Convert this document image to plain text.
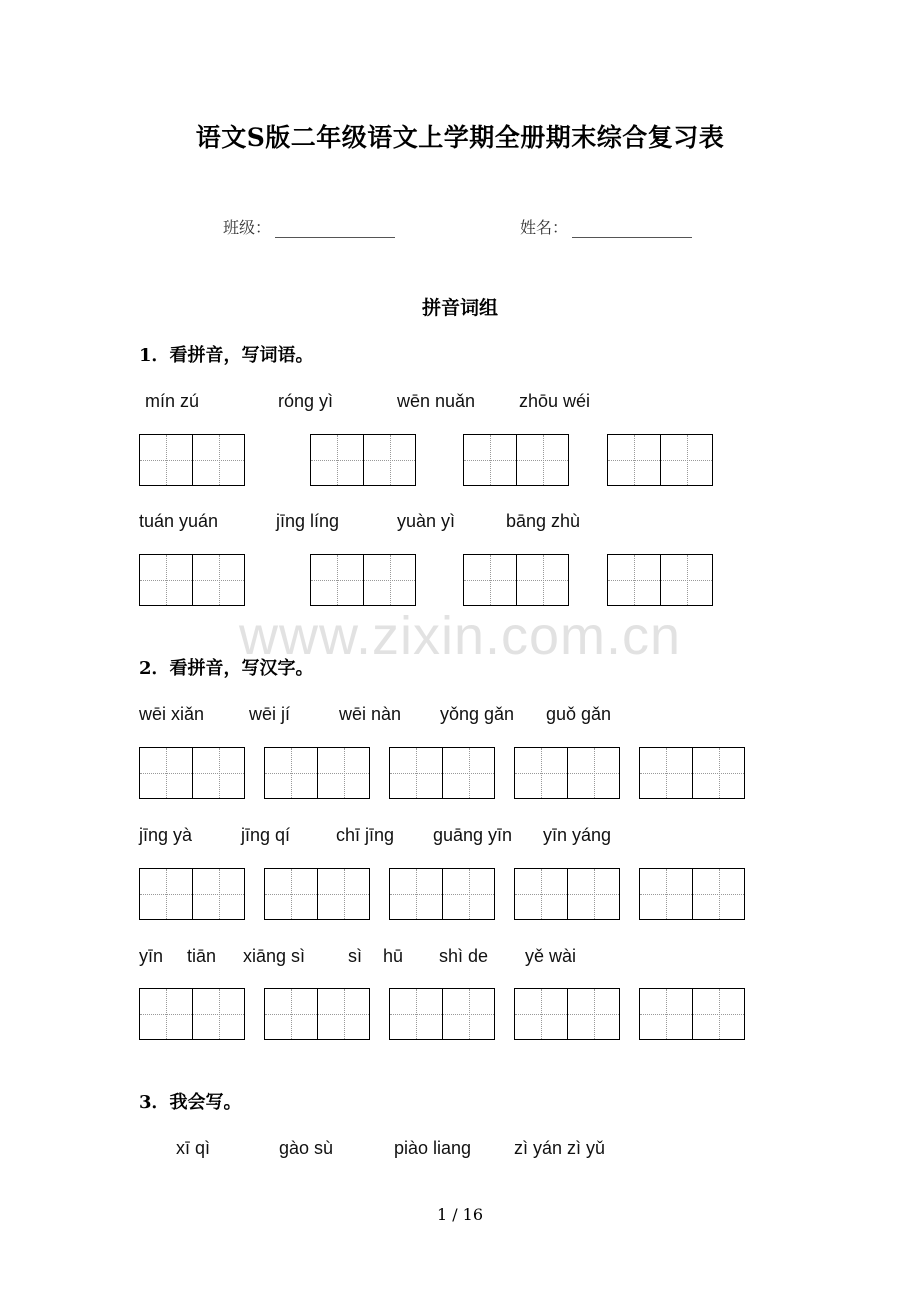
语文S版二年级语文上学期全册期末综合复习表
班级：	姓名：
拼音词组
1．看拼音，写词语。
mín zú	róng yì	wēn nuǎn zhōu wéi
tuán yuán	jīng líng	yuàn yì	bāng zhù
www.zixin.com.cn
2．看拼音，写汉字。
wēi xiǎn wēi jí	wēi nàn yǒng gǎn guǒ gǎn
jīng yà	jīng qí	chī jīng guāng yīn yīn yáng
yīn tiān xiāng sì sì hū shì de yě wài
3．我会写。
xī qì	gào sù	piào liang zì yán zì yǔ
1 / 16
